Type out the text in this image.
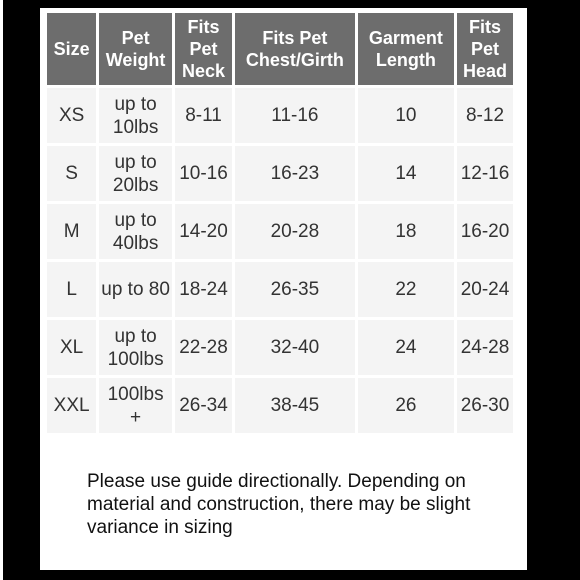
Size	Pet Weight	Fits Pet Neck	Fits Pet Chest/Girth	Garment Length	Fits Pet Head
XS	up to 10lbs	8-11	11-16	10	8-12
S	up to 20lbs	10-16	16-23	14	12-16
M	up to 40lbs	14-20	20-28	18	16-20
L	up to 80	18-24	26-35	22	20-24
XL	up to 100lbs	22-28	32-40	24	24-28
XXL	100lbs +	26-34	38-45	26	26-30
Please use guide directionally. Depending on material and construction, there may be slight variance in sizing
